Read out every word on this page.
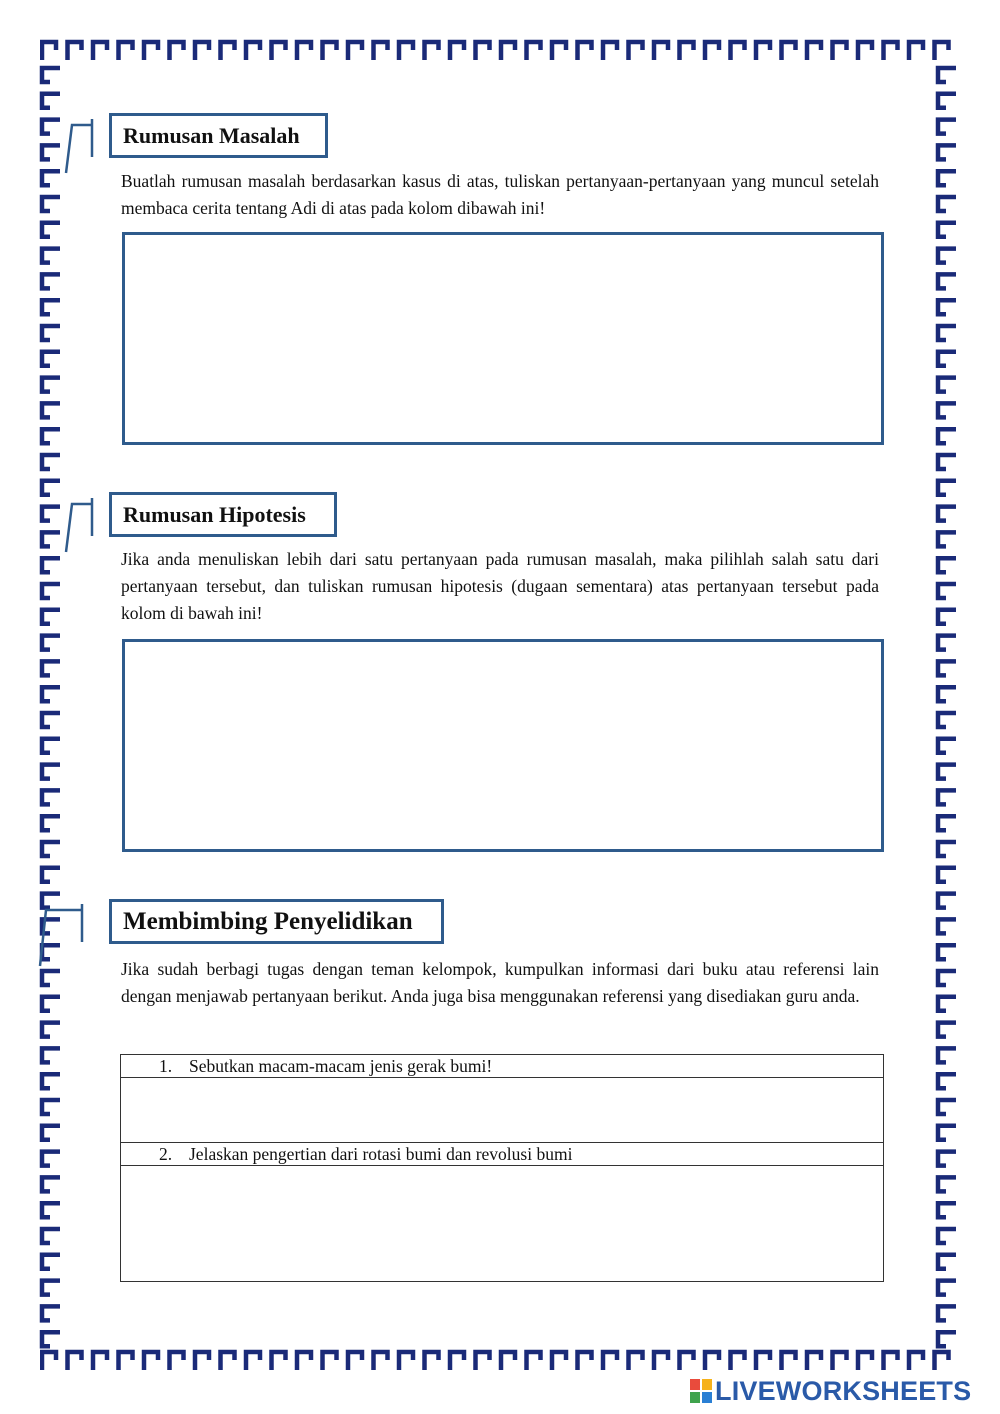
Rumusan Masalah

Buatlah rumusan masalah berdasarkan kasus di atas, tuliskan pertanyaan-pertanyaan yang muncul setelah membaca cerita tentang Adi di atas pada kolom dibawah ini!

Rumusan Hipotesis

Jika anda menuliskan lebih dari satu pertanyaan pada rumusan masalah, maka pilihlah salah satu dari pertanyaan tersebut, dan tuliskan rumusan hipotesis (dugaan sementara) atas pertanyaan tersebut pada kolom di bawah ini!

Membimbing Penyelidikan

Jika sudah berbagi tugas dengan teman kelompok, kumpulkan informasi dari buku atau referensi lain dengan menjawab pertanyaan berikut. Anda juga bisa menggunakan referensi yang disediakan guru anda.

1. Sebutkan macam-macam jenis gerak bumi!

2. Jelaskan pengertian dari rotasi bumi dan revolusi bumi

LIVEWORKSHEETS
